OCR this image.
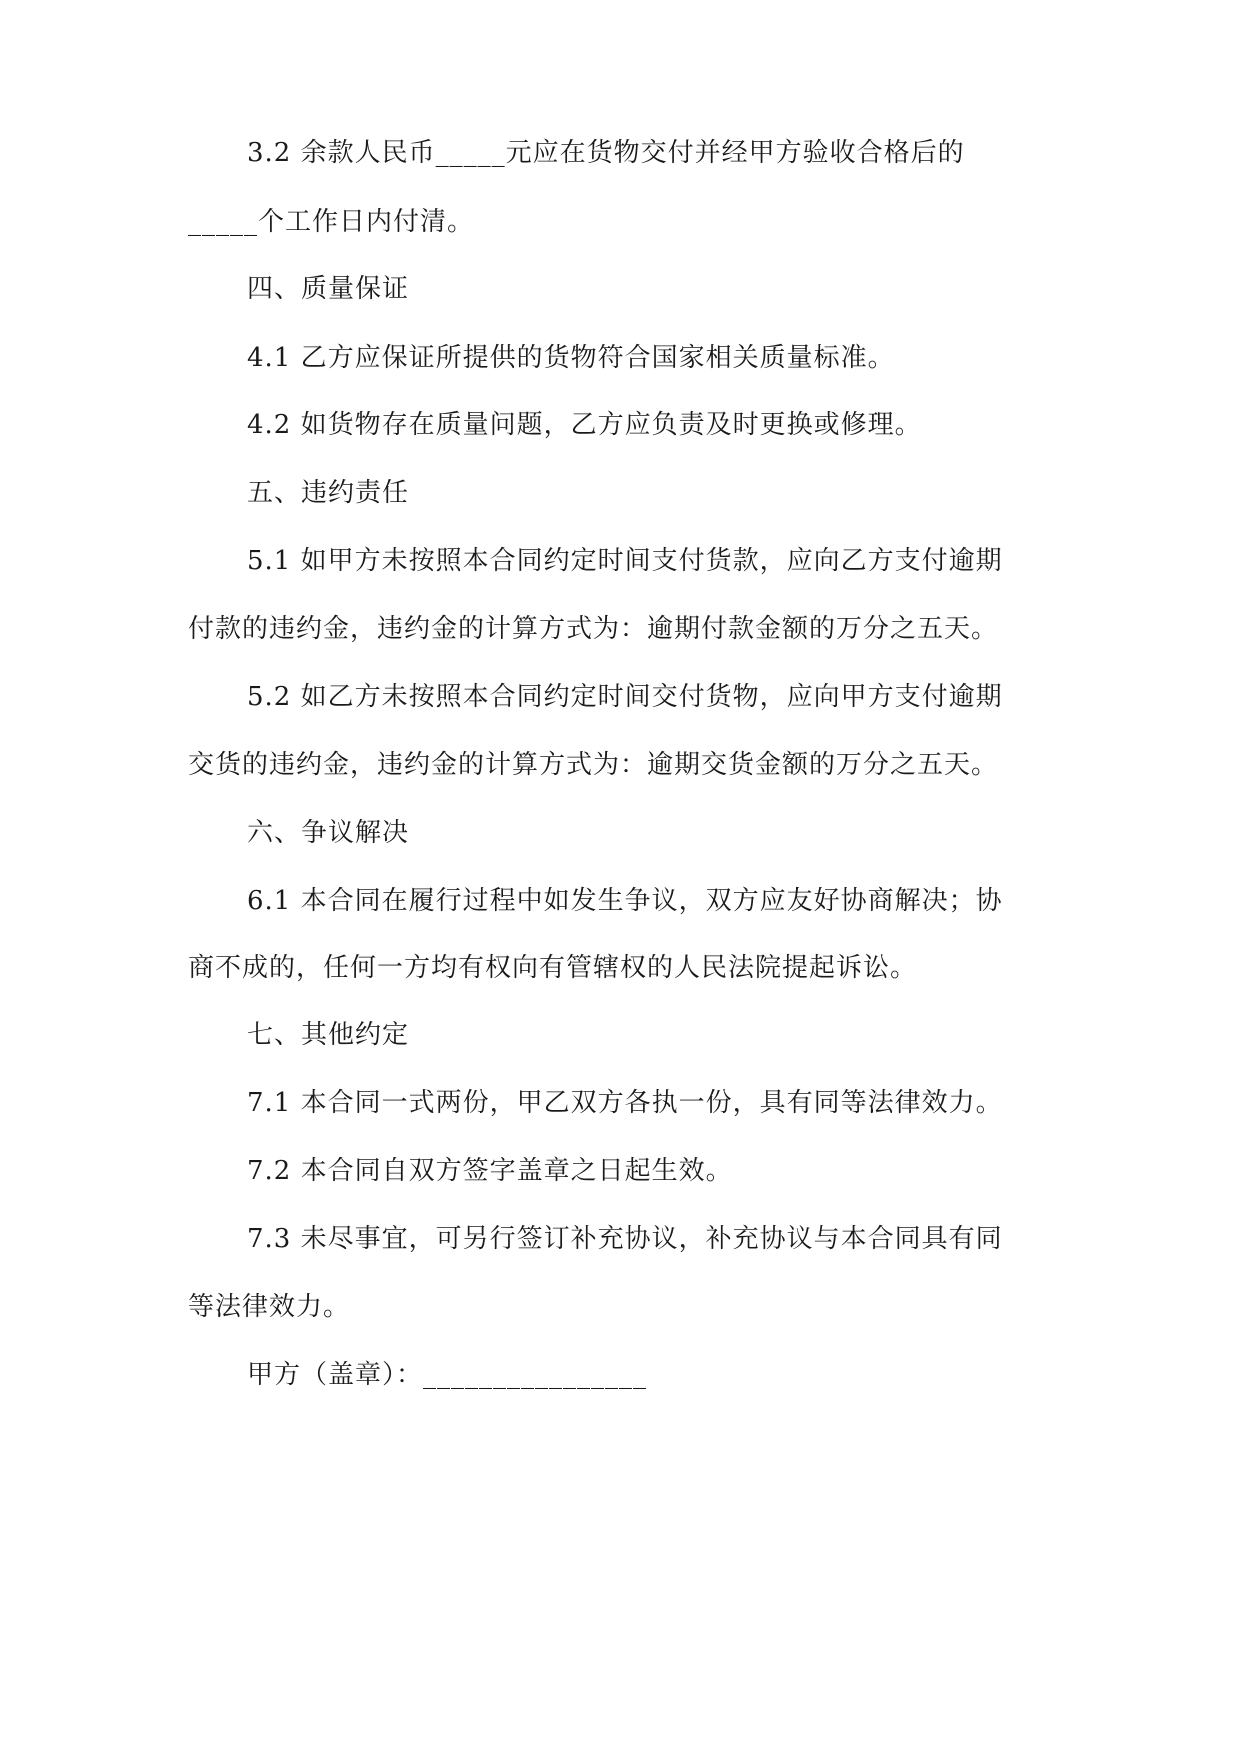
3.2 余款人民币_____元应在货物交付并经甲方验收合格后的
_____个工作日内付清。
四、质量保证
4.1 乙方应保证所提供的货物符合国家相关质量标准。
4.2 如货物存在质量问题，乙方应负责及时更换或修理。
五、违约责任
5.1 如甲方未按照本合同约定时间支付货款，应向乙方支付逾期
付款的违约金，违约金的计算方式为：逾期付款金额的万分之五天。
5.2 如乙方未按照本合同约定时间交付货物，应向甲方支付逾期
交货的违约金，违约金的计算方式为：逾期交货金额的万分之五天。
六、争议解决
6.1 本合同在履行过程中如发生争议，双方应友好协商解决；协
商不成的，任何一方均有权向有管辖权的人民法院提起诉讼。
七、其他约定
7.1 本合同一式两份，甲乙双方各执一份，具有同等法律效力。
7.2 本合同自双方签字盖章之日起生效。
7.3 未尽事宜，可另行签订补充协议，补充协议与本合同具有同
等法律效力。
甲方（盖章）：________________
